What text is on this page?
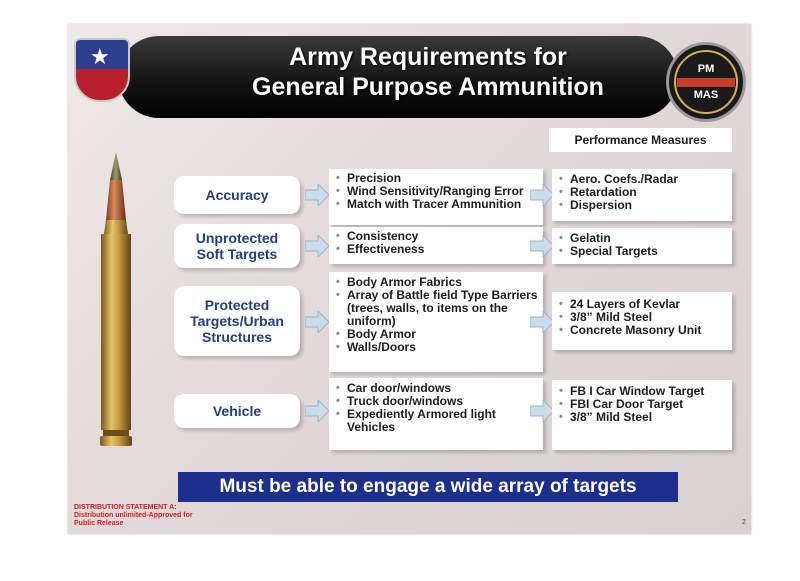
★	Army Requirements for
General Purpose Ammunition
PM
MAS
Performance Measures
Accuracy
• Precision
• Wind Sensitivity/Ranging Error
• Match with Tracer Ammunition
• Aero. Coefs./Radar
• Retardation
• Dispersion
Unprotected Soft Targets
• Consistency
• Effectiveness
• Gelatin
• Special Targets
Protected Targets/Urban Structures
• Body Armor Fabrics
• Array of Battle field Type Barriers (trees, walls, to items on the uniform)
• Body Armor
• Walls/Doors
• 24 Layers of Kevlar
• 3/8” Mild Steel
• Concrete Masonry Unit
Vehicle
• Car door/windows
• Truck door/windows
• Expediently Armored light Vehicles
• FB I Car Window Target
• FBI Car Door Target
• 3/8” Mild Steel
Must be able to engage a wide array of targets
DISTRIBUTION STATEMENT A: Distribution unlimited-Approved for Public Release	2
